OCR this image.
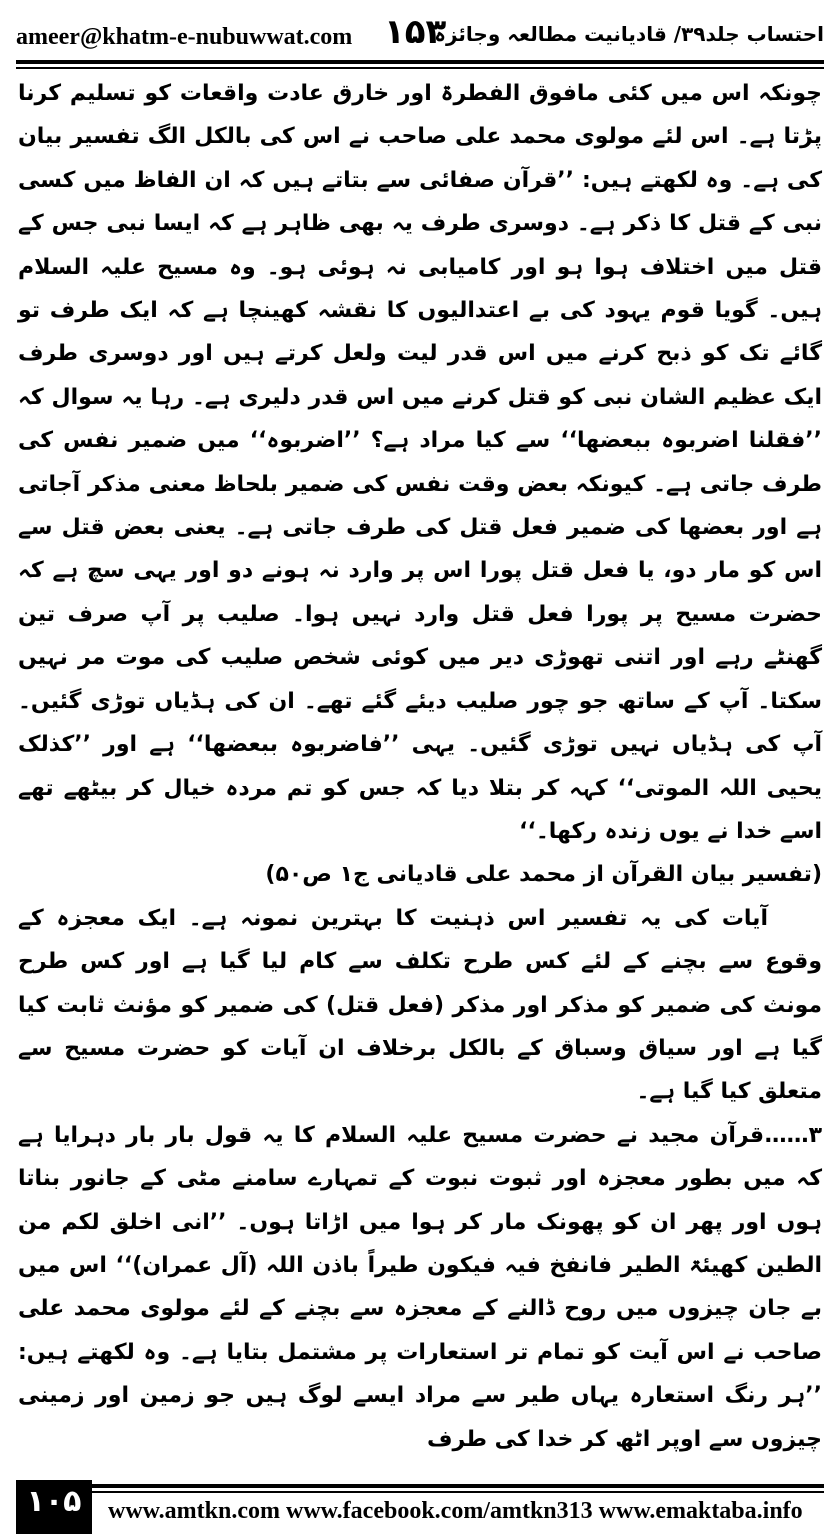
ameer@khatm-e-nubuwwat.com ۱۵۳
احتساب جلد۳۹/ قادیانیت مطالعہ وجائزہ

چونکہ اس میں کئی مافوق الفطرۃ اور خارق عادت واقعات کو تسلیم کرنا پڑتا ہے۔ اس لئے مولوی محمد علی صاحب نے اس کی بالکل الگ تفسیر بیان کی ہے۔ وہ لکھتے ہیں: ’’قرآن صفائی سے بتاتے ہیں کہ ان الفاظ میں کسی نبی کے قتل کا ذکر ہے۔ دوسری طرف یہ بھی ظاہر ہے کہ ایسا نبی جس کے قتل میں اختلاف ہوا ہو اور کامیابی نہ ہوئی ہو۔ وہ مسیح علیہ السلام ہیں۔ گویا قوم یہود کی بے اعتدالیوں کا نقشہ کھینچا ہے کہ ایک طرف تو گائے تک کو ذبح کرنے میں اس قدر لیت ولعل کرتے ہیں اور دوسری طرف ایک عظیم الشان نبی کو قتل کرنے میں اس قدر دلیری ہے۔ رہا یہ سوال کہ ’’فقلنا اضربوہ ببعضھا‘‘ سے کیا مراد ہے؟ ’’اضربوہ‘‘ میں ضمیر نفس کی طرف جاتی ہے۔ کیونکہ بعض وقت نفس کی ضمیر بلحاظ معنی مذکر آجاتی ہے اور بعضھا کی ضمیر فعل قتل کی طرف جاتی ہے۔ یعنی بعض قتل سے اس کو مار دو، یا فعل قتل پورا اس پر وارد نہ ہونے دو اور یہی سچ ہے کہ حضرت مسیح پر پورا فعل قتل وارد نہیں ہوا۔ صلیب پر آپ صرف تین گھنٹے رہے اور اتنی تھوڑی دیر میں کوئی شخص صلیب کی موت مر نہیں سکتا۔ آپ کے ساتھ جو چور صلیب دیئے گئے تھے۔ ان کی ہڈیاں توڑی گئیں۔ آپ کی ہڈیاں نہیں توڑی گئیں۔ یہی ’’فاضربوہ ببعضھا‘‘ ہے اور ’’کذلک یحیی اللہ الموتی‘‘ کہہ کر بتلا دیا کہ جس کو تم مردہ خیال کر بیٹھے تھے اسے خدا نے یوں زندہ رکھا۔‘‘

(تفسیر بیان القرآن از محمد علی قادیانی ج۱ ص۵۰)

آیات کی یہ تفسیر اس ذہنیت کا بہترین نمونہ ہے۔ ایک معجزہ کے وقوع سے بچنے کے لئے کس طرح تکلف سے کام لیا گیا ہے اور کس طرح مونث کی ضمیر کو مذکر اور مذکر (فعل قتل) کی ضمیر کو مؤنث ثابت کیا گیا ہے اور سیاق وسباق کے بالکل برخلاف ان آیات کو حضرت مسیح سے متعلق کیا گیا ہے۔

۳……قرآن مجید نے حضرت مسیح علیہ السلام کا یہ قول بار بار دہرایا ہے کہ میں بطور معجزہ اور ثبوت نبوت کے تمہارے سامنے مٹی کے جانور بناتا ہوں اور پھر ان کو پھونک مار کر ہوا میں اڑاتا ہوں۔ ’’انی اخلق لکم من الطین کھیئۃ الطیر فانفخ فیہ فیکون طیراً باذن اللہ (آل عمران)‘‘ اس میں بے جان چیزوں میں روح ڈالنے کے معجزہ سے بچنے کے لئے مولوی محمد علی صاحب نے اس آیت کو تمام تر استعارات پر مشتمل بتایا ہے۔ وہ لکھتے ہیں: ’’ہر رنگ استعارہ یہاں طیر سے مراد ایسے لوگ ہیں جو زمین اور زمینی چیزوں سے اوپر اٹھ کر خدا کی طرف

۱۰۵	www.amtkn.com www.facebook.com/amtkn313 www.emaktaba.info
